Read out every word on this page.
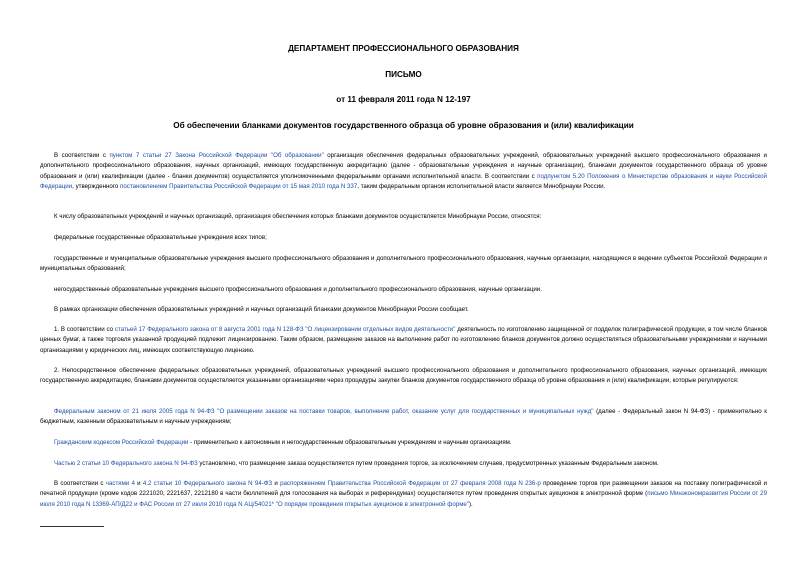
ДЕПАРТАМЕНТ ПРОФЕССИОНАЛЬНОГО ОБРАЗОВАНИЯ
ПИСЬМО
от 11 февраля 2011 года N 12-197
Об обеспечении бланками документов государственного образца об уровне образования и (или) квалификации
В соответствии с пунктом 7 статьи 27 Закона Российской Федерации "Об образовании" организация обеспечения федеральных образовательных учреждений, образовательных учреждений высшего профессионального образования и дополнительного профессионального образования, научных организаций, имеющих государственную аккредитацию (далее - образовательные учреждения и научные организации), бланками документов государственного образца об уровне образования и (или) квалификации (далее - бланки документов) осуществляется уполномоченными федеральными органами исполнительной власти. В соответствии с подпунктом 5.20 Положения о Министерстве образования и науки Российской Федерации, утвержденного постановлением Правительства Российской Федерации от 15 мая 2010 года N 337, таким федеральным органом исполнительной власти является Минобрнауки России.
К числу образовательных учреждений и научных организаций, организация обеспечения которых бланками документов осуществляется Минобрнауки России, относятся:
федеральные государственные образовательные учреждения всех типов;
государственные и муниципальные образовательные учреждения высшего профессионального образования и дополнительного профессионального образования, научные организации, находящиеся в ведении субъектов Российской Федерации и муниципальных образований;
негосударственные образовательные учреждения высшего профессионального образования и дополнительного профессионального образования, научные организации.
В рамках организации обеспечения образовательных учреждений и научных организаций бланками документов Минобрнауки России сообщает.
1. В соответствии со статьей 17 Федерального закона от 8 августа 2001 года N 128-ФЗ "О лицензировании отдельных видов деятельности" деятельность по изготовлению защищенной от подделок полиграфической продукции, в том числе бланков ценных бумаг, а также торговля указанной продукцией подлежит лицензированию. Таким образом, размещение заказов на выполнение работ по изготовлению бланков документов должно осуществляться образовательными учреждениями и научными организациями у юридических лиц, имеющих соответствующую лицензию.
2. Непосредственное обеспечение федеральных образовательных учреждений, образовательных учреждений высшего профессионального образования и дополнительного профессионального образования, научных организаций, имеющих государственную аккредитацию, бланками документов осуществляется указанными организациями через процедуры закупки бланков документов государственного образца об уровне образования и (или) квалификации, которые регулируются:
Федеральным законом от 21 июля 2005 года N 94-ФЗ "О размещении заказов на поставки товаров, выполнение работ, оказание услуг для государственных и муниципальных нужд" (далее - Федеральный закон N 94-ФЗ) - применительно к бюджетным, казенным образовательным и научным учреждениям;
Гражданским кодексом Российской Федерации - применительно к автономным и негосударственным образовательным учреждениям и научным организациям.
Частью 2 статьи 10 Федерального закона N 94-ФЗ установлено, что размещение заказа осуществляется путем проведения торгов, за исключением случаев, предусмотренных указанным Федеральным законом.
В соответствии с частями 4 и 4.2 статьи 10 Федерального закона N 94-ФЗ и распоряжением Правительства Российской Федерации от 27 февраля 2008 года N 236-р проведение торгов при размещении заказов на поставку полиграфической и печатной продукции (кроме кодов 2221020, 2221637, 2212180 в части бюллетеней для голосования на выборах и референдумах) осуществляется путем проведения открытых аукционов в электронной форме (письмо Минэкономразвития России от 29 июля 2010 года N 13369-АП/Д22 и ФАС России от 27 июля 2010 года N АЦ/54021* "О порядке проведения открытых аукционов в электронной форме").
